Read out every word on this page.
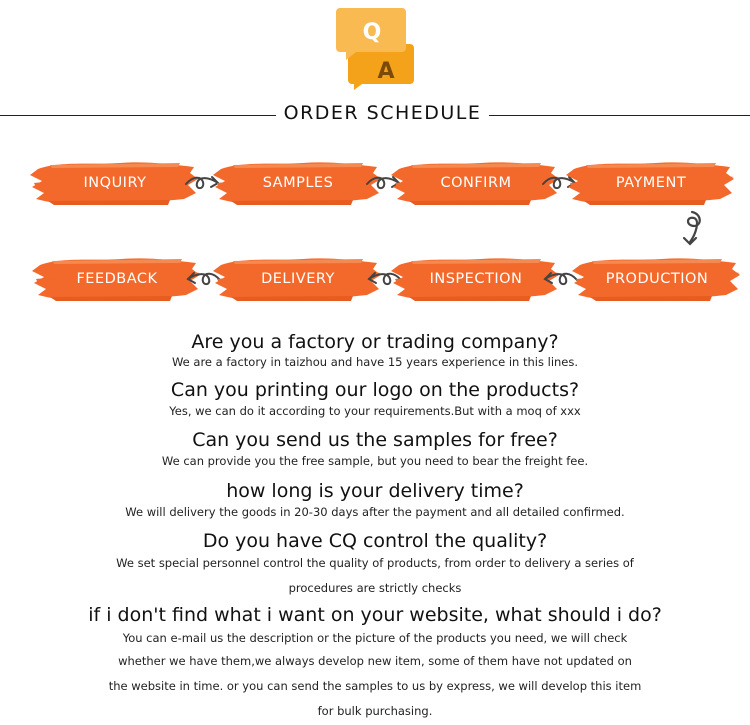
Q
A
ORDER SCHEDULE
INQUIRY	SAMPLES	CONFIRM	PAYMENT
FEEDBACK	DELIVERY	INSPECTION	PRODUCTION

Are you a factory or trading company?

We are a factory in taizhou and have 15 years experience in this lines.

Can you printing our logo on the products?

Yes, we can do it according to your requirements.But with a moq of xxx

Can you send us the samples for free?

We can provide you the free sample, but you need to bear the freight fee.

how long is your delivery time?

We will delivery the goods in 20-30 days after the payment and all detailed confirmed.

Do you have CQ control the quality?

We set special personnel control the quality of products, from order to delivery a series of

procedures are strictly checks

if i don't find what i want on your website, what should i do?

You can e-mail us the description or the picture of the products you need, we will check

whether we have them,we always develop new item, some of them have not updated on

the website in time. or you can send the samples to us by express, we will develop this item

for bulk purchasing.
